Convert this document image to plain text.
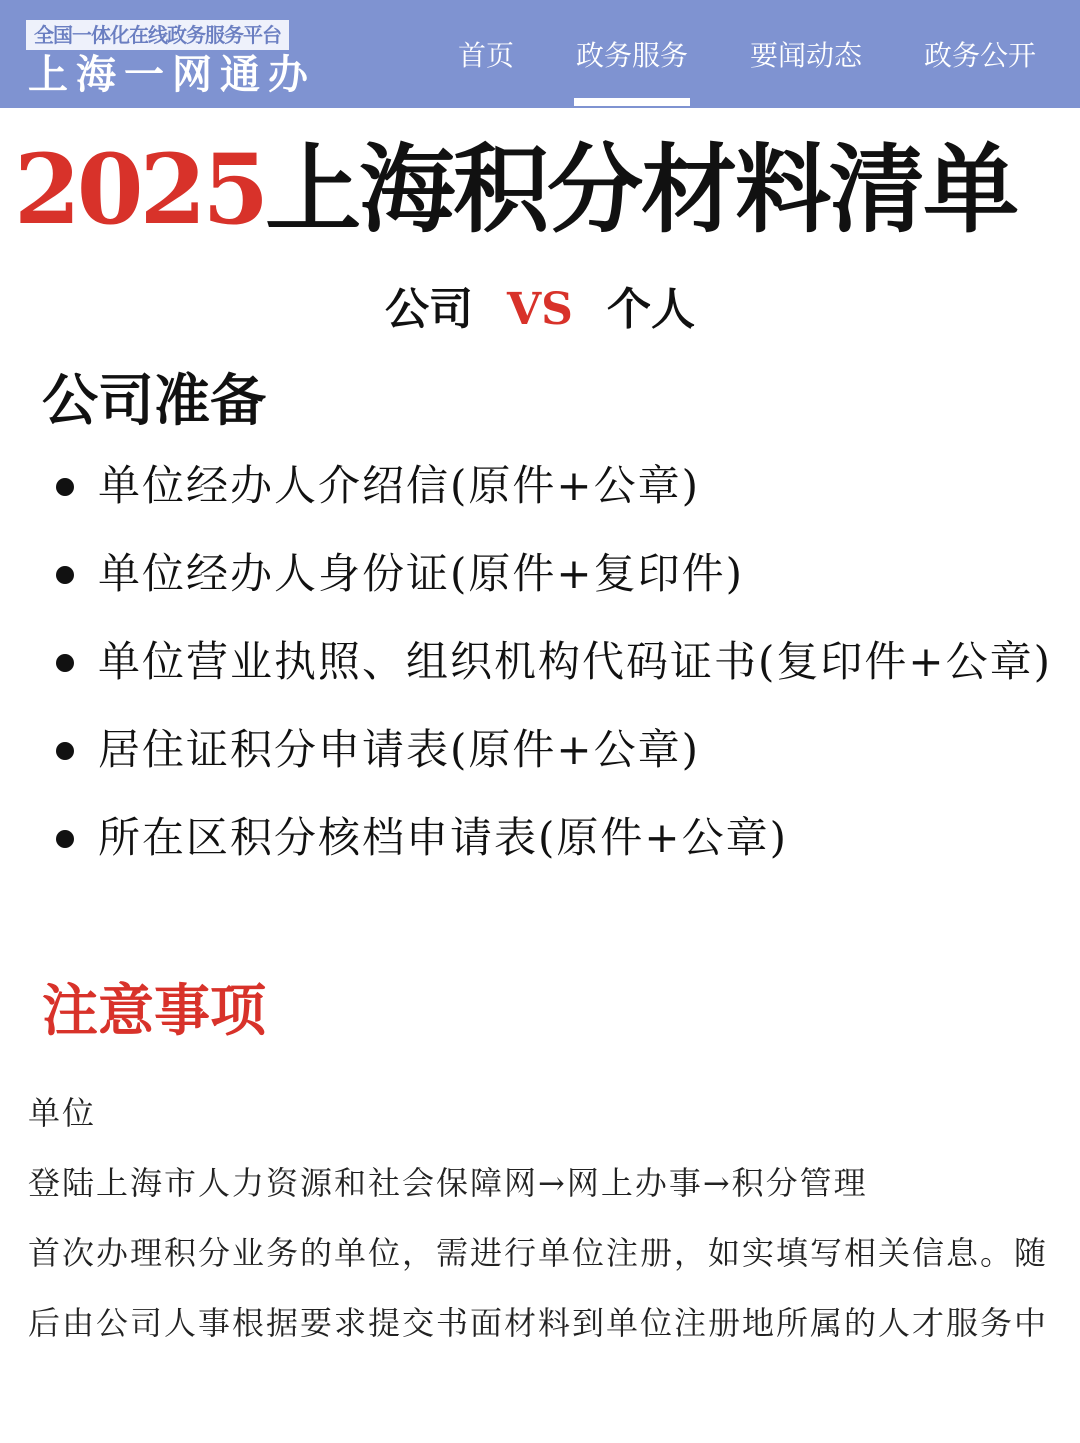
全国一体化在线政务服务平台
上海一网通办	首页 政务服务 要闻动态 政务公开
2025上海积分材料清单
公司 VS 个人
公司准备
单位经办人介绍信(原件+公章)
单位经办人身份证(原件+复印件)
单位营业执照、组织机构代码证书(复印件+公章)
居住证积分申请表(原件+公章)
所在区积分核档申请表(原件+公章)
注意事项

单位

登陆上海市人力资源和社会保障网→网上办事→积分管理

首次办理积分业务的单位，需进行单位注册，如实填写相关信息。随后由公司人事根据要求提交书面材料到单位注册地所属的人才服务中
